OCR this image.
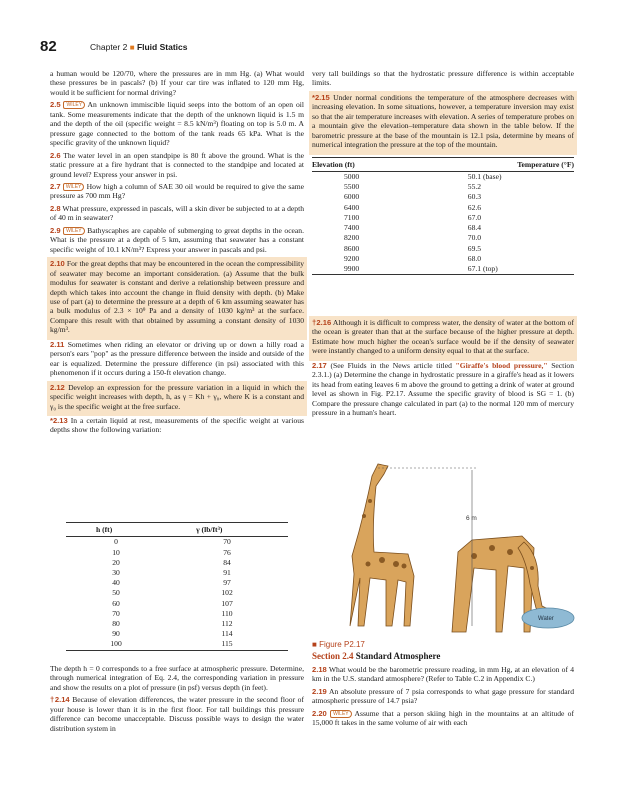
82	Chapter 2 ■ Fluid Statics

a human would be 120/70, where the pressures are in mm Hg. (a) What would these pressures be in pascals? (b) If your car tire was inflated to 120 mm Hg, would it be sufficient for normal driving?

2.5 WILEY An unknown immiscible liquid seeps into the bottom of an open oil tank. Some measurements indicate that the depth of the unknown liquid is 1.5 m and the depth of the oil (specific weight = 8.5 kN/m³) floating on top is 5.0 m. A pressure gage connected to the bottom of the tank reads 65 kPa. What is the specific gravity of the unknown liquid?

2.6 The water level in an open standpipe is 80 ft above the ground. What is the static pressure at a fire hydrant that is connected to the standpipe and located at ground level? Express your answer in psi.

2.7 WILEY How high a column of SAE 30 oil would be required to give the same pressure as 700 mm Hg?

2.8 What pressure, expressed in pascals, will a skin diver be subjected to at a depth of 40 m in seawater?

2.9 WILEY Bathyscaphes are capable of submerging to great depths in the ocean. What is the pressure at a depth of 5 km, assuming that seawater has a constant specific weight of 10.1 kN/m³? Express your answer in pascals and psi.

2.10 For the great depths that may be encountered in the ocean the compressibility of seawater may become an important consideration. (a) Assume that the bulk modulus for seawater is constant and derive a relationship between pressure and depth which takes into account the change in fluid density with depth. (b) Make use of part (a) to determine the pressure at a depth of 6 km assuming seawater has a bulk modulus of 2.3 × 10⁹ Pa and a density of 1030 kg/m³ at the surface. Compare this result with that obtained by assuming a constant density of 1030 kg/m³.

2.11 Sometimes when riding an elevator or driving up or down a hilly road a person's ears "pop" as the pressure difference between the inside and outside of the ear is equalized. Determine the pressure difference (in psi) associated with this phenomenon if it occurs during a 150-ft elevation change.

2.12 Develop an expression for the pressure variation in a liquid in which the specific weight increases with depth, h, as γ = Kh + γ₀, where K is a constant and γ₀ is the specific weight at the free surface.

*2.13 In a certain liquid at rest, measurements of the specific weight at various depths show the following variation:

h (ft)	γ (lb/ft³)
0	70
10	76
20	84
30	91
40	97
50	102
60	107
70	110
80	112
90	114
100	115

The depth h = 0 corresponds to a free surface at atmospheric pressure. Determine, through numerical integration of Eq. 2.4, the corresponding variation in pressure and show the results on a plot of pressure (in psf) versus depth (in feet).

†2.14 Because of elevation differences, the water pressure in the second floor of your house is lower than it is in the first floor. For tall buildings this pressure difference can become unacceptable. Discuss possible ways to design the water distribution system in

very tall buildings so that the hydrostatic pressure difference is within acceptable limits.

*2.15 Under normal conditions the temperature of the atmosphere decreases with increasing elevation. In some situations, however, a temperature inversion may exist so that the air temperature increases with elevation. A series of temperature probes on a mountain give the elevation–temperature data shown in the table below. If the barometric pressure at the base of the mountain is 12.1 psia, determine by means of numerical integration the pressure at the top of the mountain.

Elevation (ft)	Temperature (°F)
5000	50.1 (base)
5500	55.2
6000	60.3
6400	62.6
7100	67.0
7400	68.4
8200	70.0
8600	69.5
9200	68.0
9900	67.1 (top)

†2.16 Although it is difficult to compress water, the density of water at the bottom of the ocean is greater than that at the surface because of the higher pressure at depth. Estimate how much higher the ocean's surface would be if the density of seawater were instantly changed to a uniform density equal to that at the surface.

2.17 (See Fluids in the News article titled "Giraffe's blood pressure," Section 2.3.1.) (a) Determine the change in hydrostatic pressure in a giraffe's head as it lowers its head from eating leaves 6 m above the ground to getting a drink of water at ground level as shown in Fig. P2.17. Assume the specific gravity of blood is SG = 1. (b) Compare the pressure change calculated in part (a) to the normal 120 mm of mercury pressure in a human's heart.

6 m
Water

■ Figure P2.17

Section 2.4 Standard Atmosphere

2.18 What would be the barometric pressure reading, in mm Hg, at an elevation of 4 km in the U.S. standard atmosphere? (Refer to Table C.2 in Appendix C.)

2.19 An absolute pressure of 7 psia corresponds to what gage pressure for standard atmospheric pressure of 14.7 psia?

2.20 WILEY Assume that a person skiing high in the mountains at an altitude of 15,000 ft takes in the same volume of air with each
